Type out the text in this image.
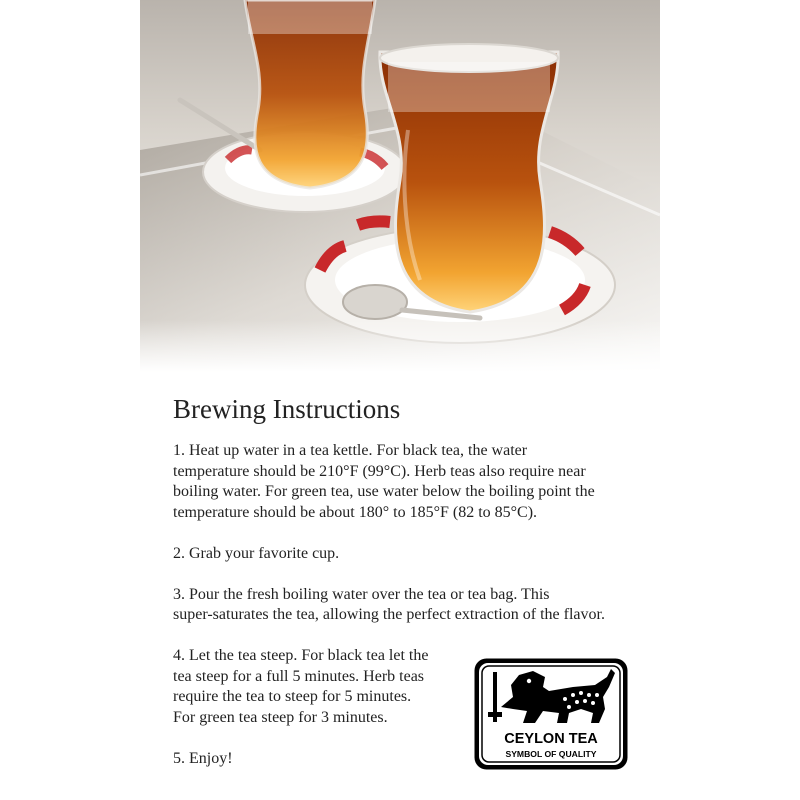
Brewing Instructions

1. Heat up water in a tea kettle. For black tea, the water
temperature should be 210°F (99°C). Herb teas also require near
boiling water. For green tea, use water below the boiling point the
temperature should be about 180° to 185°F (82 to 85°C).

2. Grab your favorite cup.

3. Pour the fresh boiling water over the tea or tea bag. This
super-saturates the tea, allowing the perfect extraction of the flavor.

4. Let the tea steep. For black tea let the
tea steep for a full 5 minutes. Herb teas
require the tea to steep for 5 minutes.
For green tea steep for 3 minutes.

5. Enjoy!

CEYLON TEA
SYMBOL OF QUALITY
